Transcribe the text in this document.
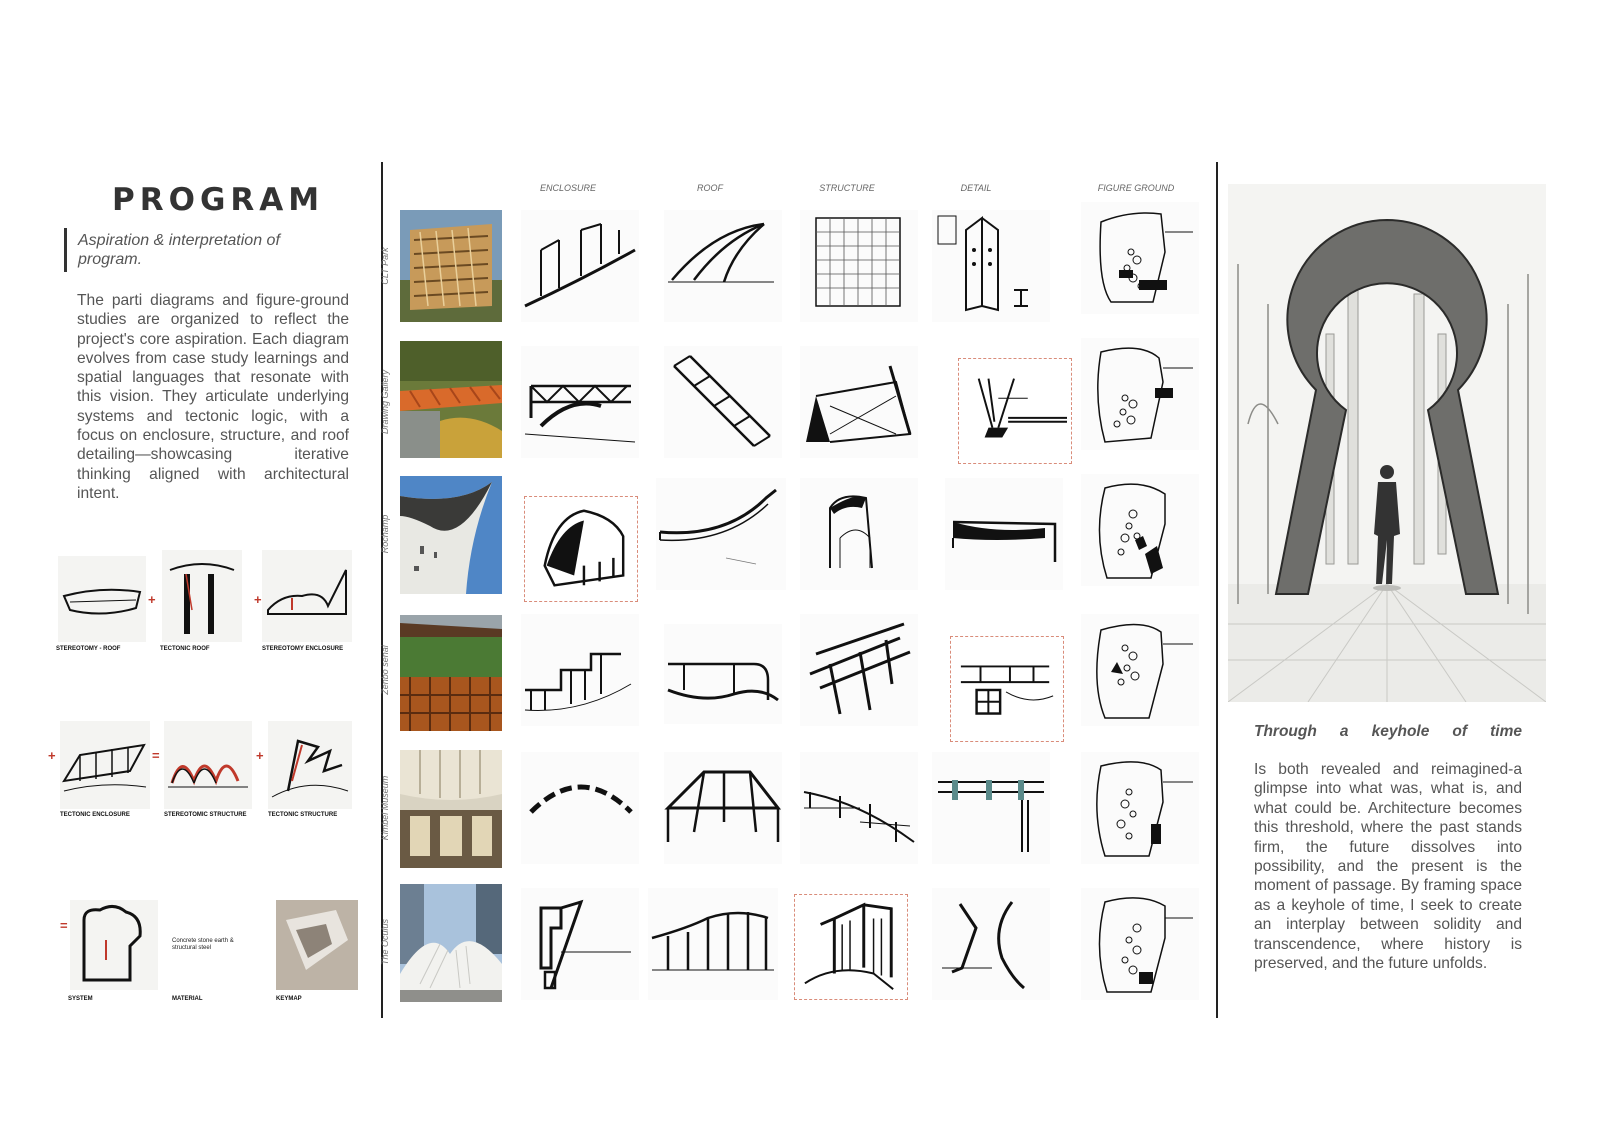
PROGRAM
Aspiration & interpretation of program.
The parti diagrams and figure-ground studies are organized to reflect the project's core aspiration. Each diagram evolves from case study learnings and spatial languages that resonate with this vision. They articulate underlying systems and tectonic logic, with a focus on enclosure, structure, and roof detailing—showcasing iterative thinking aligned with architectural intent.
+	+
STEREOTOMY - ROOF	TECTONIC ROOF	STEREOTOMY ENCLOSURE
+	=	+
TECTONIC ENCLOSURE	STEREOTOMIC STRUCTURE	TECTONIC STRUCTURE
=
Concrete stone earth & structural steel
SYSTEM	MATERIAL	KEYMAP
ENCLOSURE	ROOF	STRUCTURE	DETAIL	FIGURE GROUND
CLT Park
Drawing Gallery
Rochamp
Zenbo senai
Kimbel Museum
The Oculus
Through a keyhole of time
Is both revealed and reimagined-a glimpse into what was, what is, and what could be. Architecture becomes this threshold, where the past stands firm, the future dissolves into possibility, and the present is the moment of passage. By framing space as a keyhole of time, I seek to create an interplay between solidity and transcendence, where history is preserved, and the future unfolds.
